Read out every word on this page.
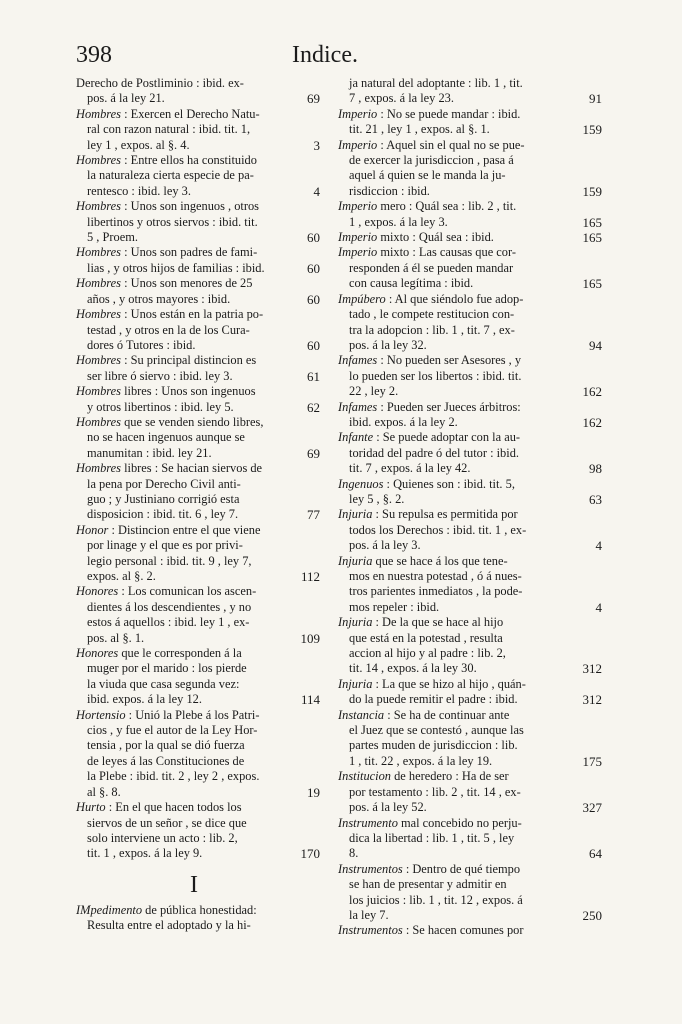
398	Indice.
Derecho de Postliminio : ibid. ex-
pos. á la ley 21.	69
Hombres : Exercen el Derecho Natu-
ral con razon natural : ibid. tit. 1,
ley 1 , expos. al §. 4.	3
Hombres : Entre ellos ha constituido
la naturaleza cierta especie de pa-
rentesco : ibid. ley 3.	4
Hombres : Unos son ingenuos , otros
libertinos y otros siervos : ibid. tit.
5 , Proem.	60
Hombres : Unos son padres de fami-
lias , y otros hijos de familias : ibid.	60
Hombres : Unos son menores de 25
años , y otros mayores : ibid.	60
Hombres : Unos están en la patria po-
testad , y otros en la de los Cura-
dores ó Tutores : ibid.	60
Hombres : Su principal distincion es
ser libre ó siervo : ibid. ley 3.	61
Hombres libres : Unos son ingenuos
y otros libertinos : ibid. ley 5.	62
Hombres que se venden siendo libres,
no se hacen ingenuos aunque se
manumitan : ibid. ley 21.	69
Hombres libres : Se hacian siervos de
la pena por Derecho Civil anti-
guo ; y Justiniano corrigió esta
disposicion : ibid. tit. 6 , ley 7.	77
Honor : Distincion entre el que viene
por linage y el que es por privi-
legio personal : ibid. tit. 9 , ley 7,
expos. al §. 2.	112
Honores : Los comunican los ascen-
dientes á los descendientes , y no
estos á aquellos : ibid. ley 1 , ex-
pos. al §. 1.	109
Honores que le corresponden á la
muger por el marido : los pierde
la viuda que casa segunda vez:
ibid. expos. á la ley 12.	114
Hortensio : Unió la Plebe á los Patri-
cios , y fue el autor de la Ley Hor-
tensia , por la qual se dió fuerza
de leyes á las Constituciones de
la Plebe : ibid. tit. 2 , ley 2 , expos.
al §. 8.	19
Hurto : En el que hacen todos los
siervos de un señor , se dice que
solo interviene un acto : lib. 2,
tit. 1 , expos. á la ley 9.	170
I
IMpedimento de pública honestidad:
Resulta entre el adoptado y la hi-
ja natural del adoptante : lib. 1 , tit.
7 , expos. á la ley 23.	91
Imperio : No se puede mandar : ibid.
tit. 21 , ley 1 , expos. al §. 1.	159
Imperio : Aquel sin el qual no se pue-
de exercer la jurisdiccion , pasa á
aquel á quien se le manda la ju-
risdiccion : ibid.	159
Imperio mero : Quál sea : lib. 2 , tit.
1 , expos. á la ley 3.	165
Imperio mixto : Quál sea : ibid.	165
Imperio mixto : Las causas que cor-
responden á él se pueden mandar
con causa legítima : ibid.	165
Impúbero : Al que siéndolo fue adop-
tado , le compete restitucion con-
tra la adopcion : lib. 1 , tit. 7 , ex-
pos. á la ley 32.	94
Infames : No pueden ser Asesores , y
lo pueden ser los libertos : ibid. tit.
22 , ley 2.	162
Infames : Pueden ser Jueces árbitros:
ibid. expos. á la ley 2.	162
Infante : Se puede adoptar con la au-
toridad del padre ó del tutor : ibid.
tit. 7 , expos. á la ley 42.	98
Ingenuos : Quienes son : ibid. tit. 5,
ley 5 , §. 2.	63
Injuria : Su repulsa es permitida por
todos los Derechos : ibid. tit. 1 , ex-
pos. á la ley 3.	4
Injuria que se hace á los que tene-
mos en nuestra potestad , ó á nues-
tros parientes inmediatos , la pode-
mos repeler : ibid.	4
Injuria : De la que se hace al hijo
que está en la potestad , resulta
accion al hijo y al padre : lib. 2,
tit. 14 , expos. á la ley 30.	312
Injuria : La que se hizo al hijo , quán-
do la puede remitir el padre : ibid.	312
Instancia : Se ha de continuar ante
el Juez que se contestó , aunque las
partes muden de jurisdiccion : lib.
1 , tit. 22 , expos. á la ley 19.	175
Institucion de heredero : Ha de ser
por testamento : lib. 2 , tit. 14 , ex-
pos. á la ley 52.	327
Instrumento mal concebido no perju-
dica la libertad : lib. 1 , tit. 5 , ley
8.	64
Instrumentos : Dentro de qué tiempo
se han de presentar y admitir en
los juicios : lib. 1 , tit. 12 , expos. á
la ley 7.	250
Instrumentos : Se hacen comunes por
